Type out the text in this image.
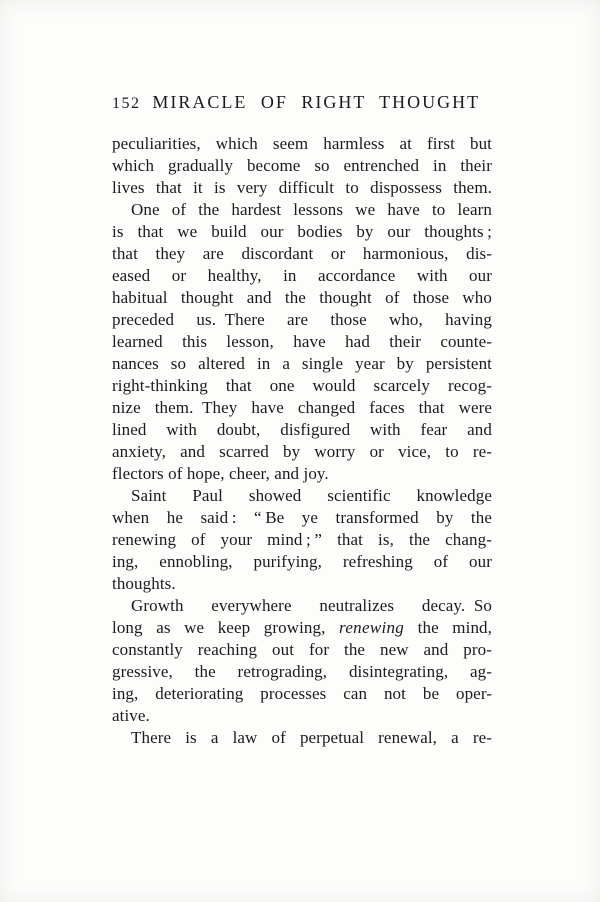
152 MIRACLE OF RIGHT THOUGHT
peculiarities, which seem harmless at first but
which gradually become so entrenched in their
lives that it is very difficult to dispossess them.
One of the hardest lessons we have to learn
is that we build our bodies by our thoughts ;
that they are discordant or harmonious, dis-
eased or healthy, in accordance with our
habitual thought and the thought of those who
preceded us. There are those who, having
learned this lesson, have had their counte-
nances so altered in a single year by persistent
right-thinking that one would scarcely recog-
nize them. They have changed faces that were
lined with doubt, disfigured with fear and
anxiety, and scarred by worry or vice, to re-
flectors of hope, cheer, and joy.
Saint Paul showed scientific knowledge
when he said : “ Be ye transformed by the
renewing of your mind ; ” that is, the chang-
ing, ennobling, purifying, refreshing of our
thoughts.
Growth everywhere neutralizes decay. So
long as we keep growing, renewing the mind,
constantly reaching out for the new and pro-
gressive, the retrograding, disintegrating, ag-
ing, deteriorating processes can not be oper-
ative.
There is a law of perpetual renewal, a re-
